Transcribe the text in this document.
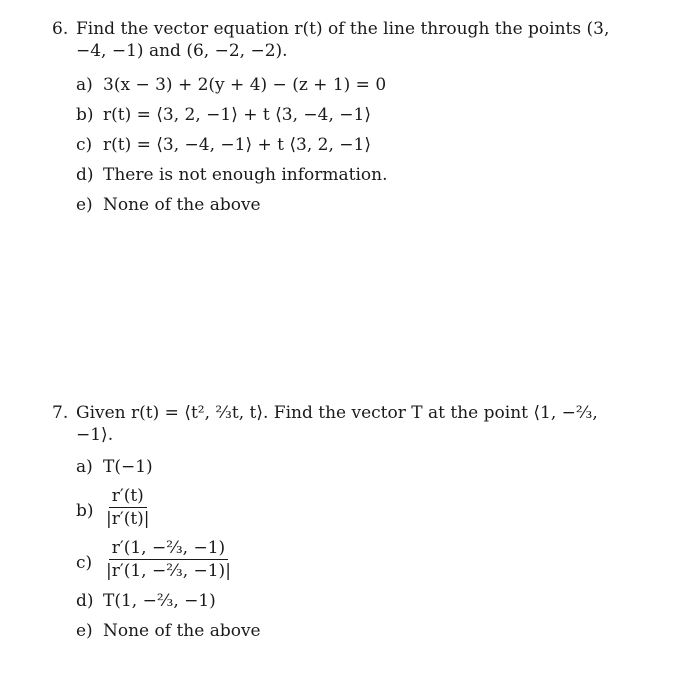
6. Find the vector equation r(t) of the line through the points (3, −4, −1) and (6, −2, −2).
a) 3(x − 3) + 2(y + 4) − (z + 1) = 0
b) r(t) = ⟨3, 2, −1⟩ + t ⟨3, −4, −1⟩
c) r(t) = ⟨3, −4, −1⟩ + t ⟨3, 2, −1⟩
d) There is not enough information.
e) None of the above
7. Given r(t) = ⟨t², ⅔t, t⟩. Find the vector T at the point ⟨1, −⅔, −1⟩.
a) T(−1)
$b) \frac{r'(t)}{|r'(t)|}$
$c) \frac{\text{r′(1, −⅔, −1)}}{\text{|r′(1, −⅔, −1)|}}$
d) T(1, −⅔, −1)
e) None of the above
